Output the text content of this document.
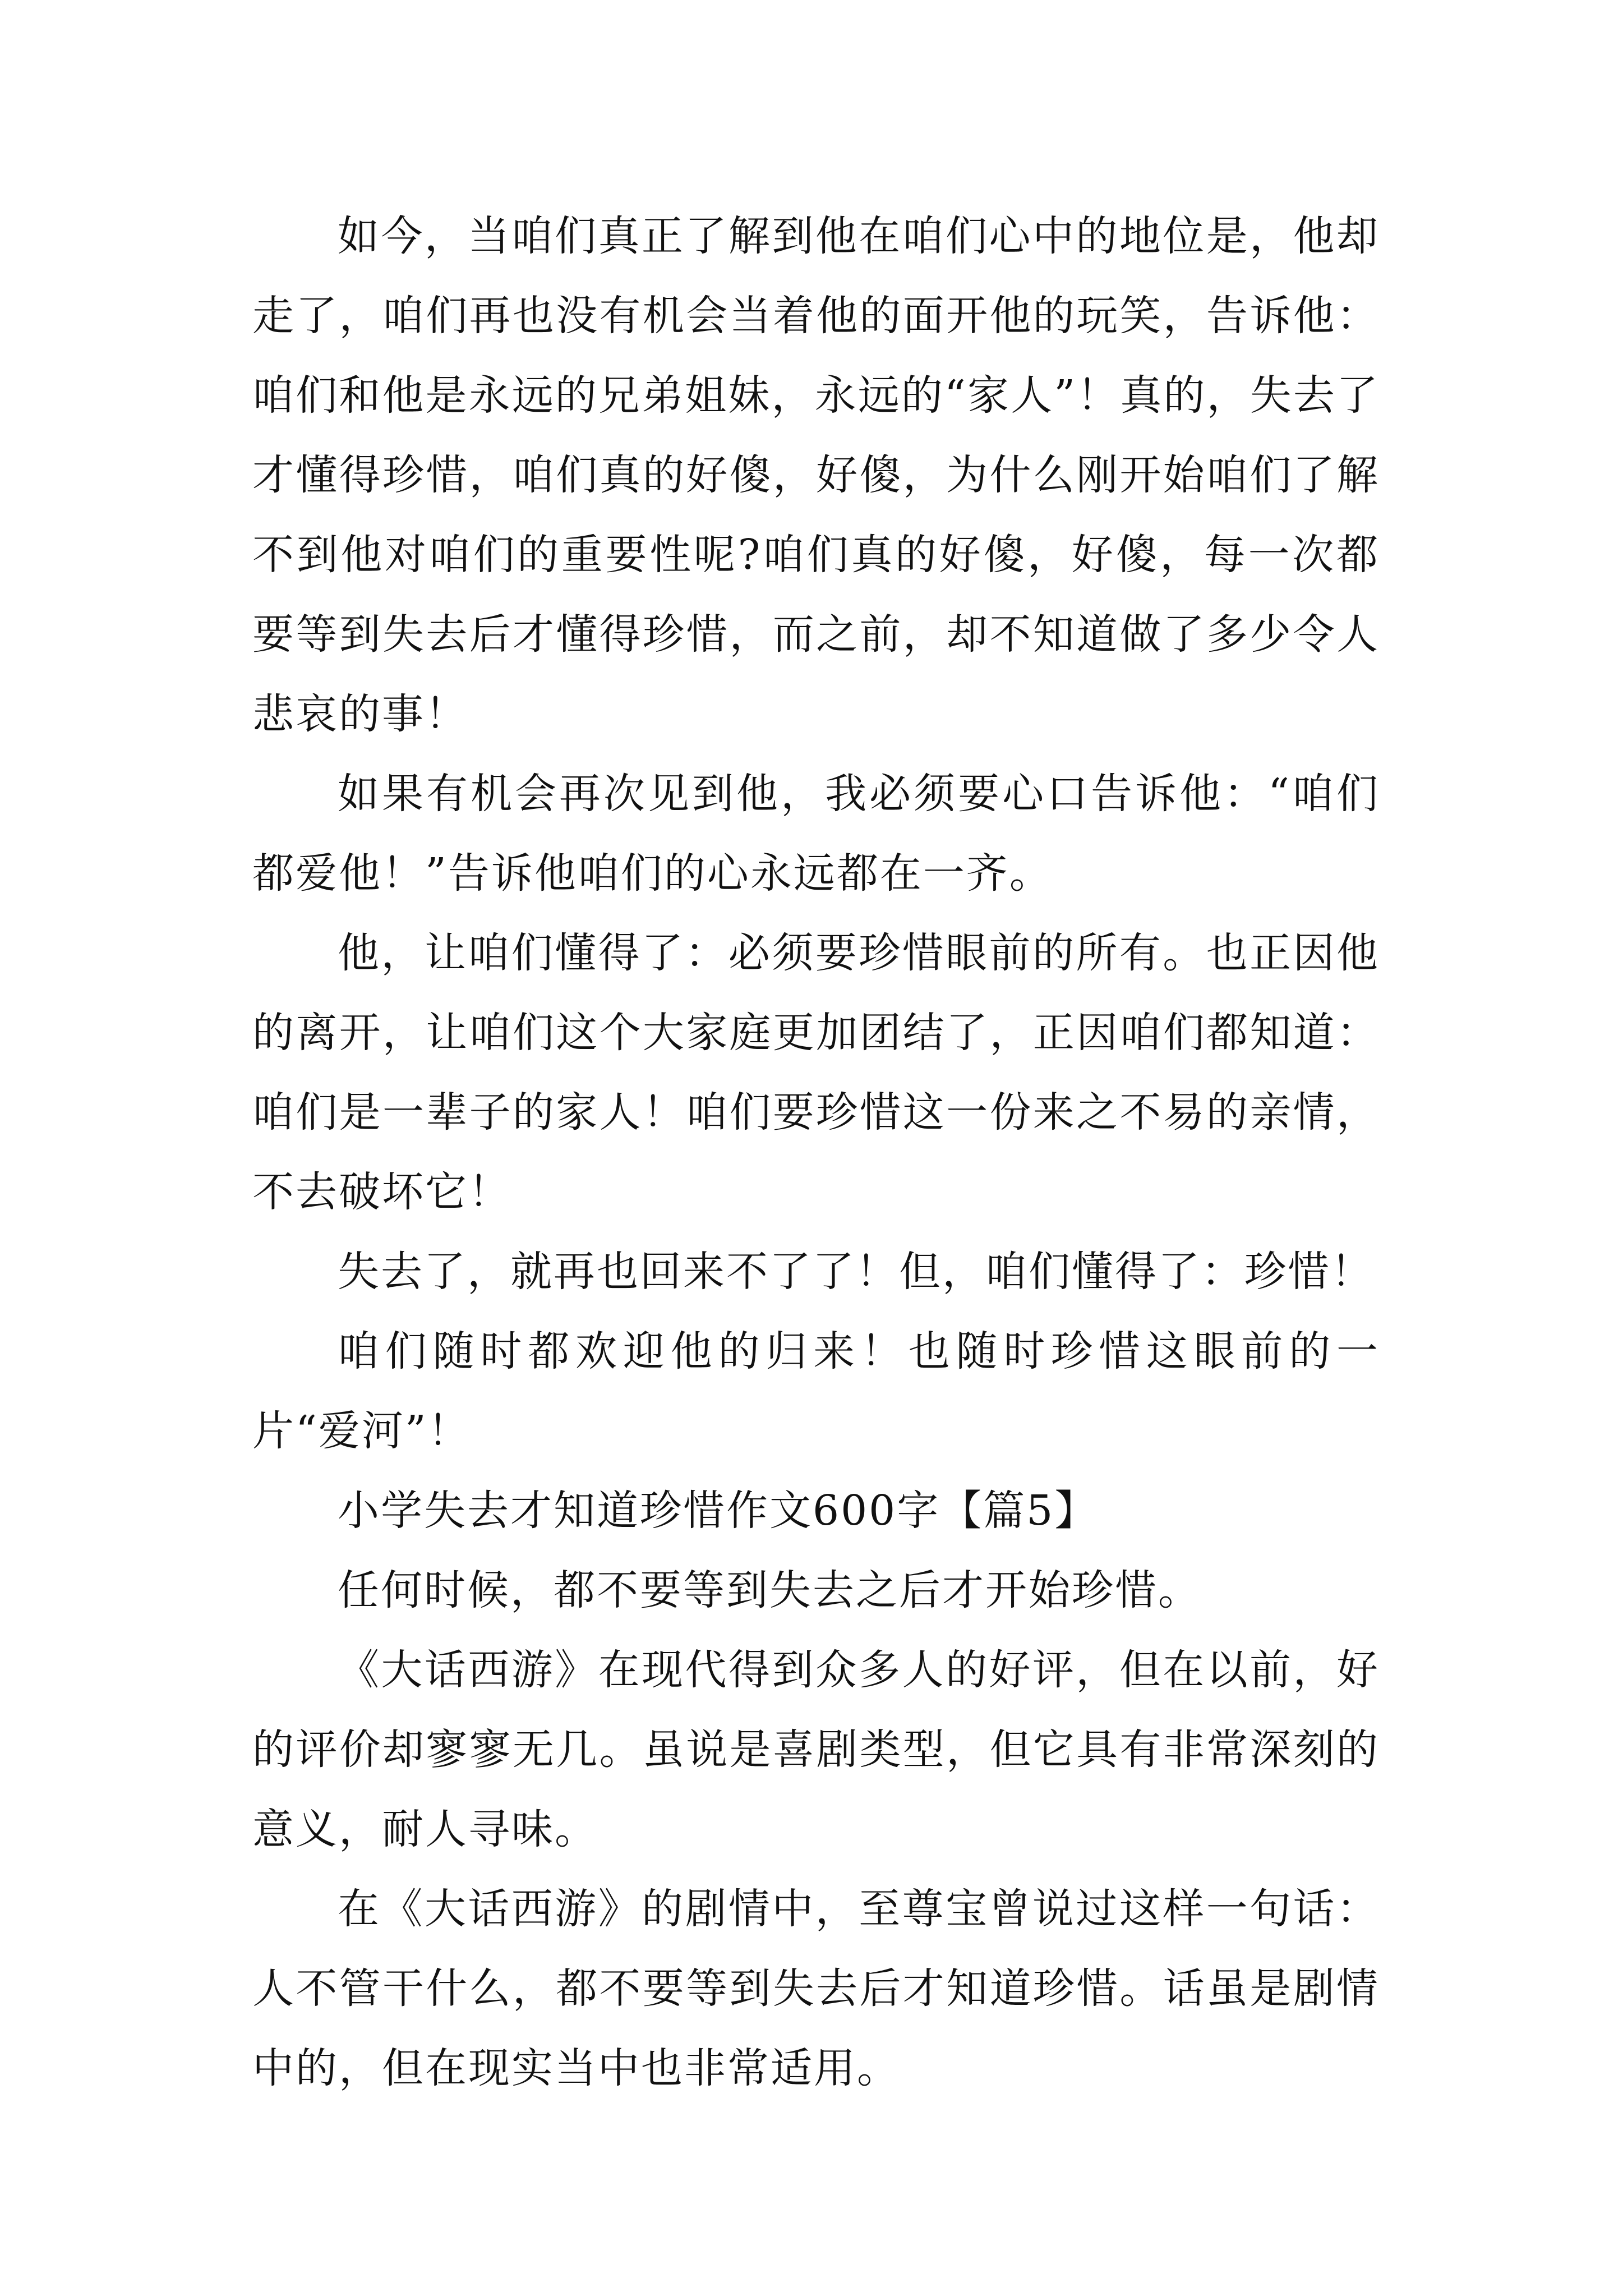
如今，当咱们真正了解到他在咱们心中的地位是，他却走了，咱们再也没有机会当着他的面开他的玩笑，告诉他：咱们和他是永远的兄弟姐妹，永远的“家人”！真的，失去了才懂得珍惜，咱们真的好傻，好傻，为什么刚开始咱们了解不到他对咱们的重要性呢?咱们真的好傻，好傻，每一次都要等到失去后才懂得珍惜，而之前，却不知道做了多少令人悲哀的事！

如果有机会再次见到他，我必须要心口告诉他：“咱们都爱他！”告诉他咱们的心永远都在一齐。

他，让咱们懂得了：必须要珍惜眼前的所有。也正因他的离开，让咱们这个大家庭更加团结了，正因咱们都知道：咱们是一辈子的家人！咱们要珍惜这一份来之不易的亲情，不去破坏它！

失去了，就再也回来不了了！但，咱们懂得了：珍惜！

咱们随时都欢迎他的归来！也随时珍惜这眼前的一片“爱河”！

小学失去才知道珍惜作文600字【篇5】

任何时候，都不要等到失去之后才开始珍惜。

《大话西游》在现代得到众多人的好评，但在以前，好的评价却寥寥无几。虽说是喜剧类型，但它具有非常深刻的意义，耐人寻味。

在《大话西游》的剧情中，至尊宝曾说过这样一句话：人不管干什么，都不要等到失去后才知道珍惜。话虽是剧情中的，但在现实当中也非常适用。
